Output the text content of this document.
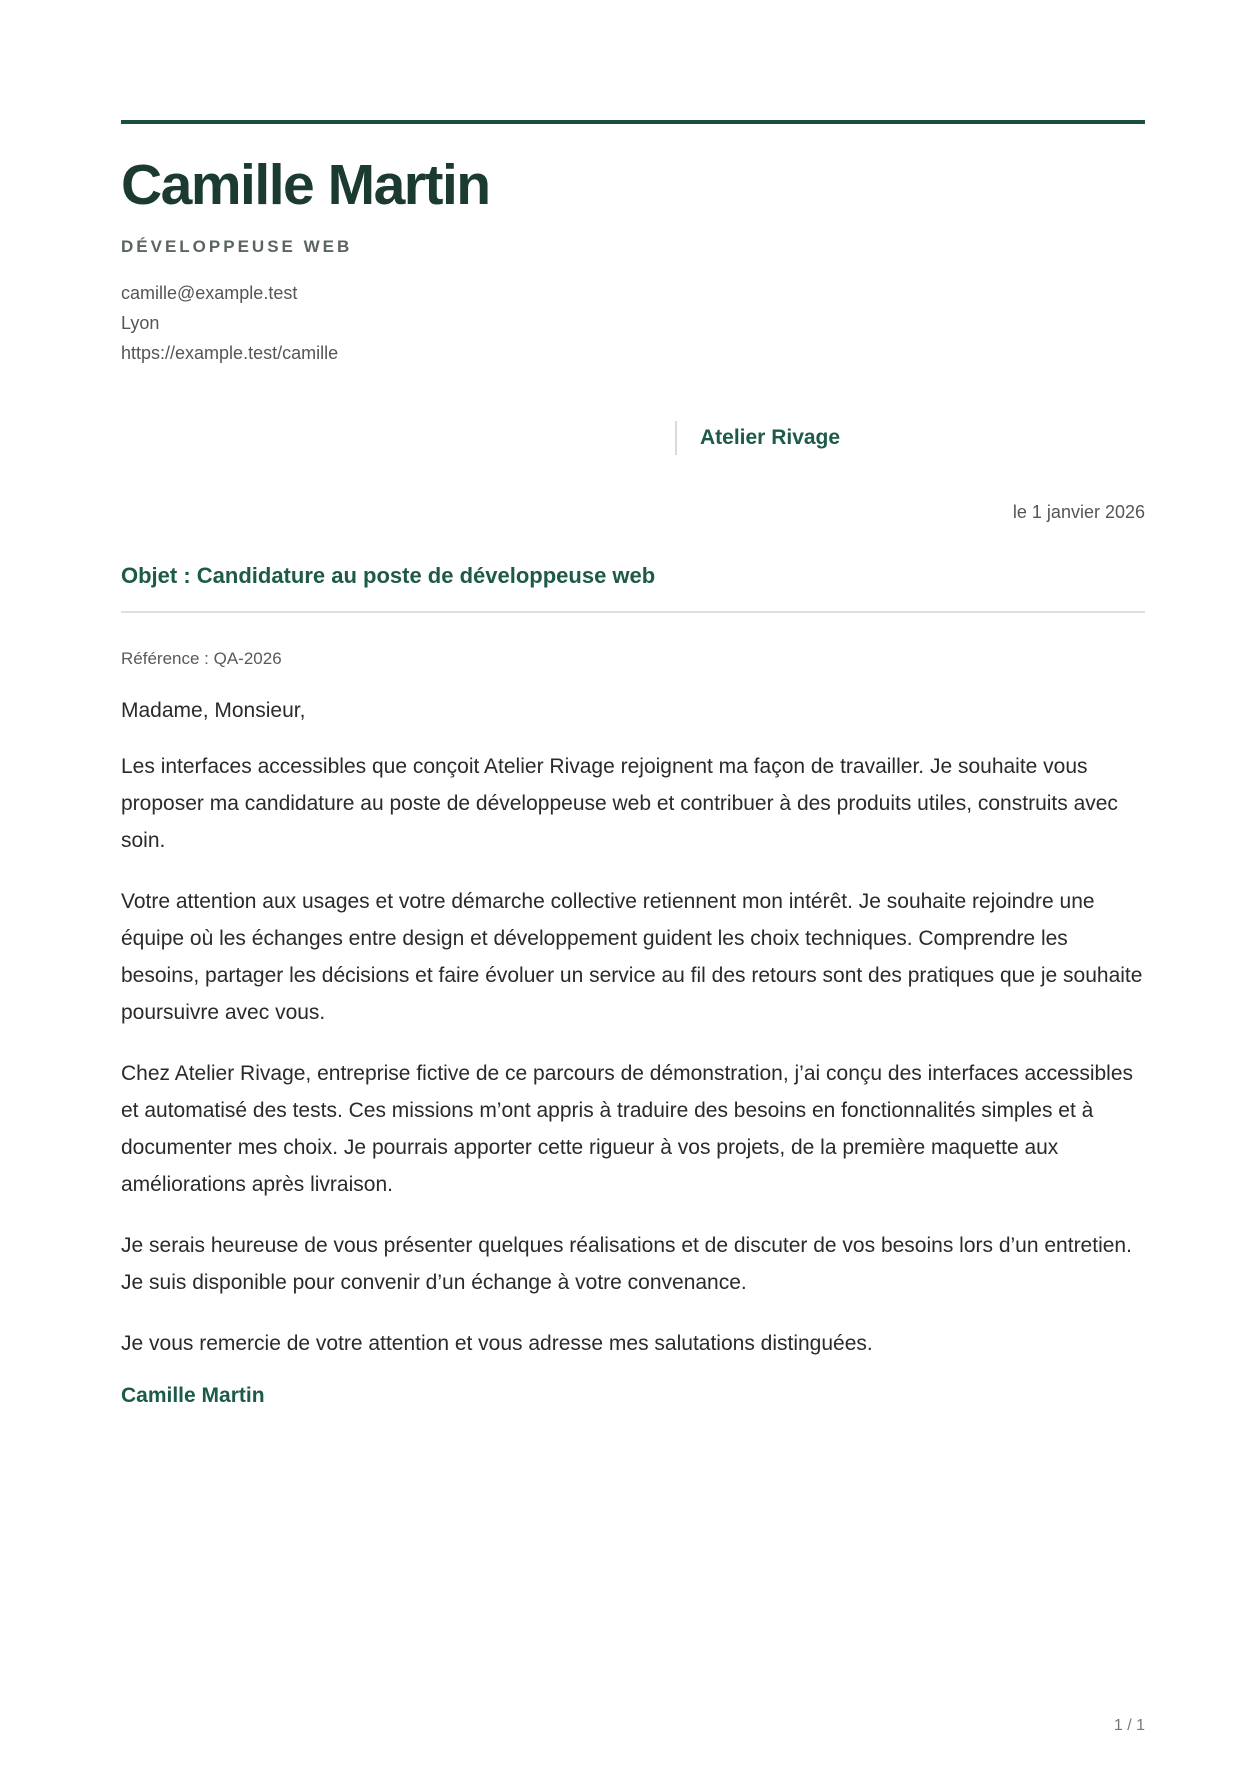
Camille Martin
DÉVELOPPEUSE WEB
camille@example.test
Lyon
https://example.test/camille
Atelier Rivage
le 1 janvier 2026
Objet : Candidature au poste de développeuse web
Référence : QA-2026
Madame, Monsieur,

Les interfaces accessibles que conçoit Atelier Rivage rejoignent ma façon de travailler. Je souhaite vous proposer ma candidature au poste de développeuse web et contribuer à des produits utiles, construits avec soin.

Votre attention aux usages et votre démarche collective retiennent mon intérêt. Je souhaite rejoindre une équipe où les échanges entre design et développement guident les choix techniques. Comprendre les besoins, partager les décisions et faire évoluer un service au fil des retours sont des pratiques que je souhaite poursuivre avec vous.

Chez Atelier Rivage, entreprise fictive de ce parcours de démonstration, j’ai conçu des interfaces accessibles et automatisé des tests. Ces missions m’ont appris à traduire des besoins en fonctionnalités simples et à documenter mes choix. Je pourrais apporter cette rigueur à vos projets, de la première maquette aux améliorations après livraison.

Je serais heureuse de vous présenter quelques réalisations et de discuter de vos besoins lors d’un entretien. Je suis disponible pour convenir d’un échange à votre convenance.

Je vous remercie de votre attention et vous adresse mes salutations distinguées.
Camille Martin
1 / 1
